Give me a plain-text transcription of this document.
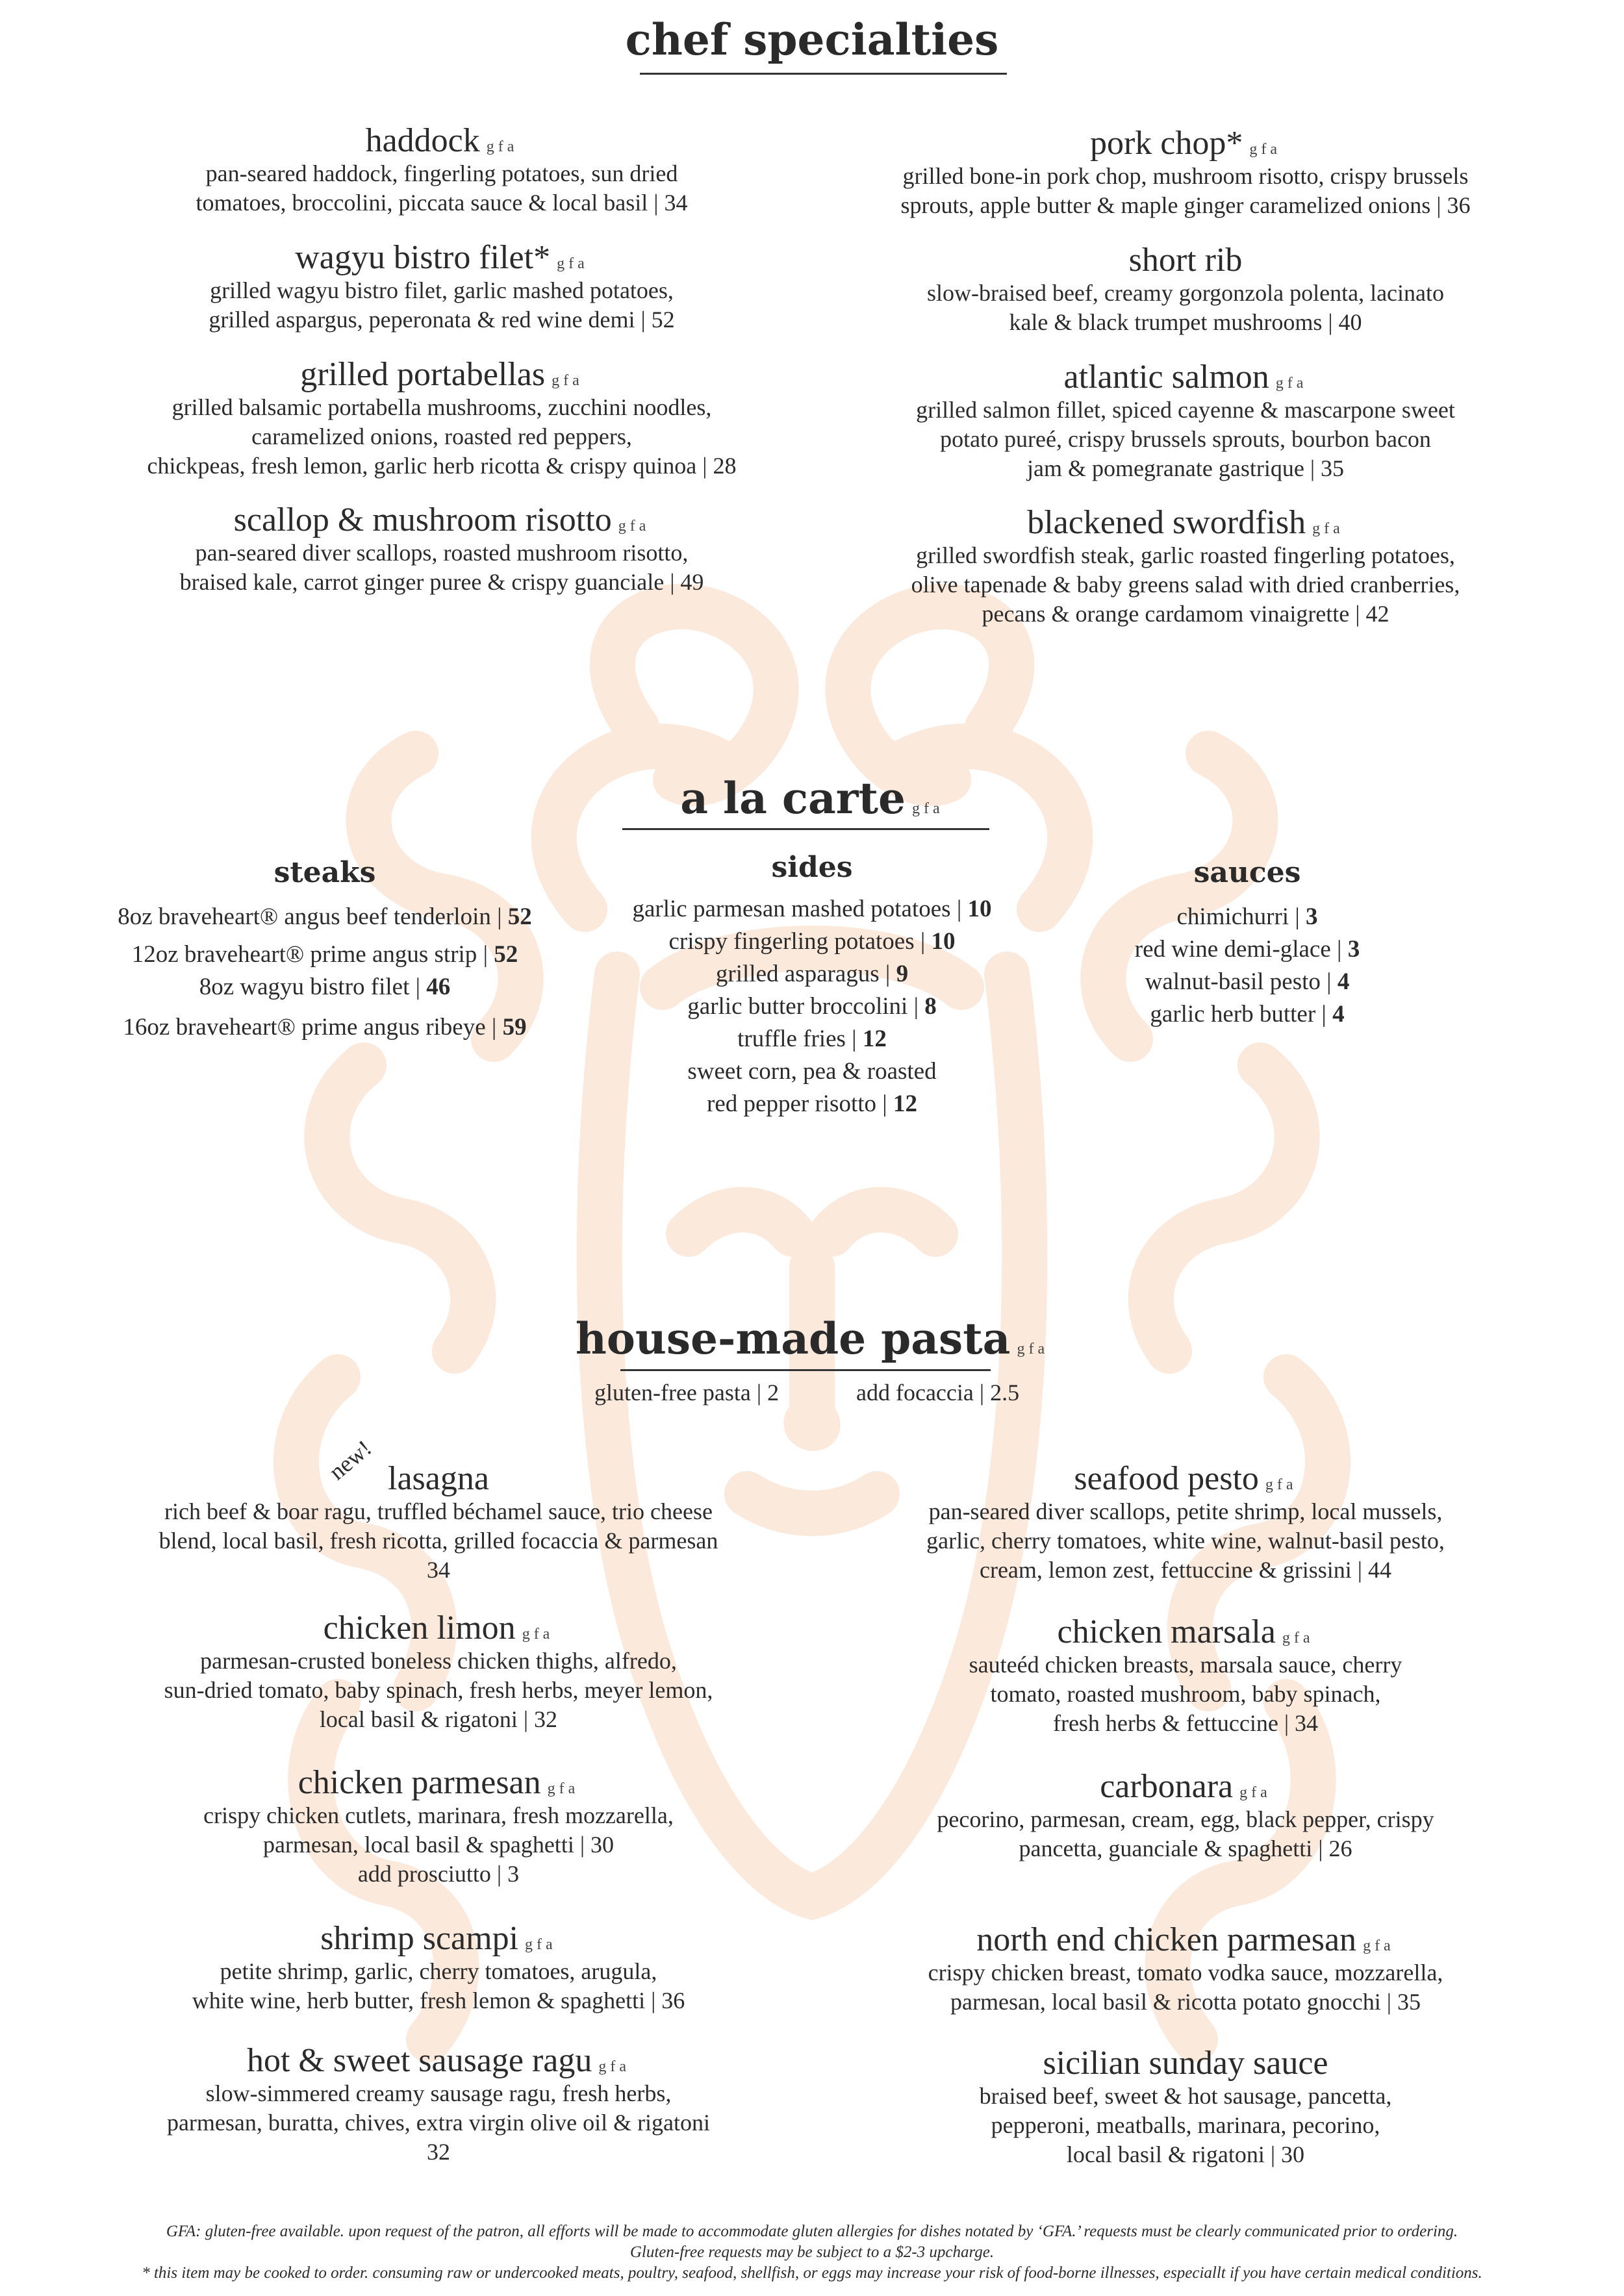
chef specialties
haddock gfa
pan-seared haddock, fingerling potatoes, sun dried
tomatoes, broccolini, piccata sauce & local basil | 34
wagyu bistro filet* gfa
grilled wagyu bistro filet, garlic mashed potatoes,
grilled aspargus, peperonata & red wine demi | 52
grilled portabellas gfa
grilled balsamic portabella mushrooms, zucchini noodles,
caramelized onions, roasted red peppers,
chickpeas, fresh lemon, garlic herb ricotta & crispy quinoa | 28
scallop & mushroom risotto gfa
pan-seared diver scallops, roasted mushroom risotto,
braised kale, carrot ginger puree & crispy guanciale | 49
pork chop* gfa
grilled bone-in pork chop, mushroom risotto, crispy brussels
sprouts, apple butter & maple ginger caramelized onions | 36
short rib
slow-braised beef, creamy gorgonzola polenta, lacinato
kale & black trumpet mushrooms | 40
atlantic salmon gfa
grilled salmon fillet, spiced cayenne & mascarpone sweet
potato pureé, crispy brussels sprouts, bourbon bacon
jam & pomegranate gastrique | 35
blackened swordfish gfa
grilled swordfish steak, garlic roasted fingerling potatoes,
olive tapenade & baby greens salad with dried cranberries,
pecans & orange cardamom vinaigrette | 42
a la carte gfa
steaks
8oz braveheart® angus beef tenderloin | 52
12oz braveheart® prime angus strip | 52
8oz wagyu bistro filet | 46
16oz braveheart® prime angus ribeye | 59
sides
garlic parmesan mashed potatoes | 10
crispy fingerling potatoes | 10
grilled asparagus | 9
garlic butter broccolini | 8
truffle fries | 12
sweet corn, pea & roasted
red pepper risotto | 12
sauces
chimichurri | 3
red wine demi-glace | 3
walnut-basil pesto | 4
garlic herb butter | 4
house-made pasta gfa
gluten-free pasta | 2	add focaccia | 2.5
new! lasagna
rich beef & boar ragu, truffled béchamel sauce, trio cheese
blend, local basil, fresh ricotta, grilled focaccia & parmesan
34
chicken limon gfa
parmesan-crusted boneless chicken thighs, alfredo,
sun-dried tomato, baby spinach, fresh herbs, meyer lemon,
local basil & rigatoni | 32
chicken parmesan gfa
crispy chicken cutlets, marinara, fresh mozzarella,
parmesan, local basil & spaghetti | 30
add prosciutto | 3
shrimp scampi gfa
petite shrimp, garlic, cherry tomatoes, arugula,
white wine, herb butter, fresh lemon & spaghetti | 36
hot & sweet sausage ragu gfa
slow-simmered creamy sausage ragu, fresh herbs,
parmesan, buratta, chives, extra virgin olive oil & rigatoni
32
seafood pesto gfa
pan-seared diver scallops, petite shrimp, local mussels,
garlic, cherry tomatoes, white wine, walnut-basil pesto,
cream, lemon zest, fettuccine & grissini | 44
chicken marsala gfa
sauteéd chicken breasts, marsala sauce, cherry
tomato, roasted mushroom, baby spinach,
fresh herbs & fettuccine | 34
carbonara gfa
pecorino, parmesan, cream, egg, black pepper, crispy
pancetta, guanciale & spaghetti | 26
north end chicken parmesan gfa
crispy chicken breast, tomato vodka sauce, mozzarella,
parmesan, local basil & ricotta potato gnocchi | 35
sicilian sunday sauce
braised beef, sweet & hot sausage, pancetta,
pepperoni, meatballs, marinara, pecorino,
local basil & rigatoni | 30
GFA: gluten-free available. upon request of the patron, all efforts will be made to accommodate gluten allergies for dishes notated by ‘GFA.’ requests must be clearly communicated prior to ordering.
Gluten-free requests may be subject to a $2-3 upcharge.
* this item may be cooked to order. consuming raw or undercooked meats, poultry, seafood, shellfish, or eggs may increase your risk of food-borne illnesses, especiallt if you have certain medical conditions.
